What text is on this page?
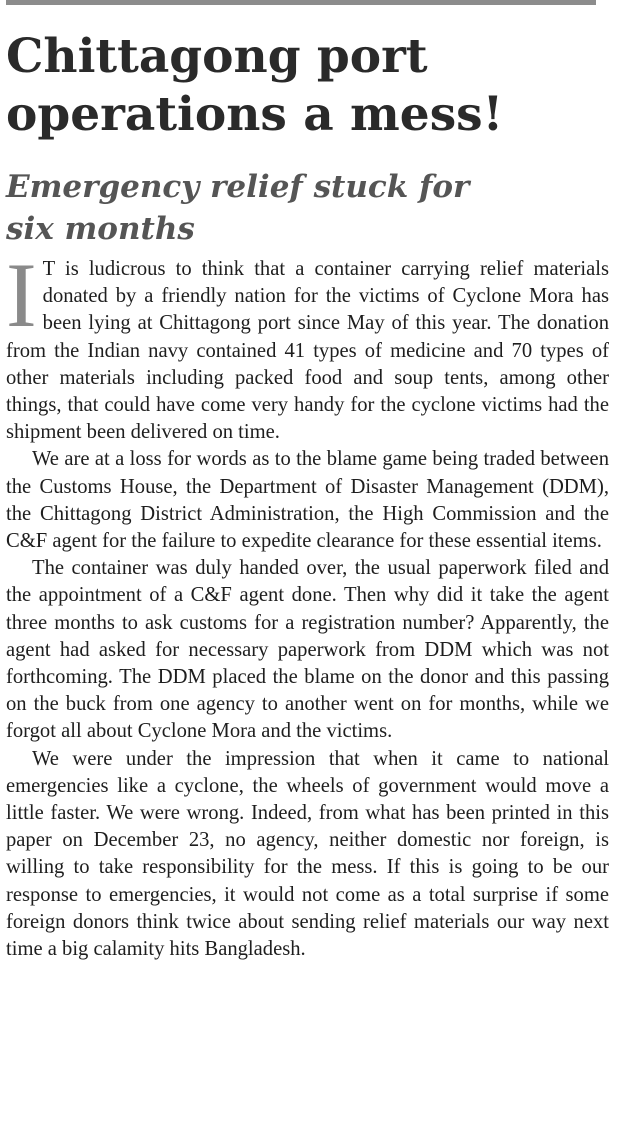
Chittagong port
operations a mess!
Emergency relief stuck for
six months

I T is ludicrous to think that a container carrying relief materials donated by a friendly nation for the victims of Cyclone Mora has been lying at Chittagong port since May of this year. The donation from the Indian navy contained 41 types of medicine and 70 types of other materials including packed food and soup tents, among other things, that could have come very handy for the cyclone victims had the shipment been delivered on time.

We are at a loss for words as to the blame game being traded between the Customs House, the Department of Disaster Management (DDM), the Chittagong District Administration, the High Commission and the C&F agent for the failure to expedite clearance for these essential items.

The container was duly handed over, the usual paperwork filed and the appointment of a C&F agent done. Then why did it take the agent three months to ask customs for a registration number? Apparently, the agent had asked for necessary paperwork from DDM which was not forthcoming. The DDM placed the blame on the donor and this passing on the buck from one agency to another went on for months, while we forgot all about Cyclone Mora and the victims.

We were under the impression that when it came to national emergencies like a cyclone, the wheels of government would move a little faster. We were wrong. Indeed, from what has been printed in this paper on December 23, no agency, neither domestic nor foreign, is willing to take responsibility for the mess. If this is going to be our response to emergencies, it would not come as a total surprise if some foreign donors think twice about sending relief materials our way next time a big calamity hits Bangladesh.
